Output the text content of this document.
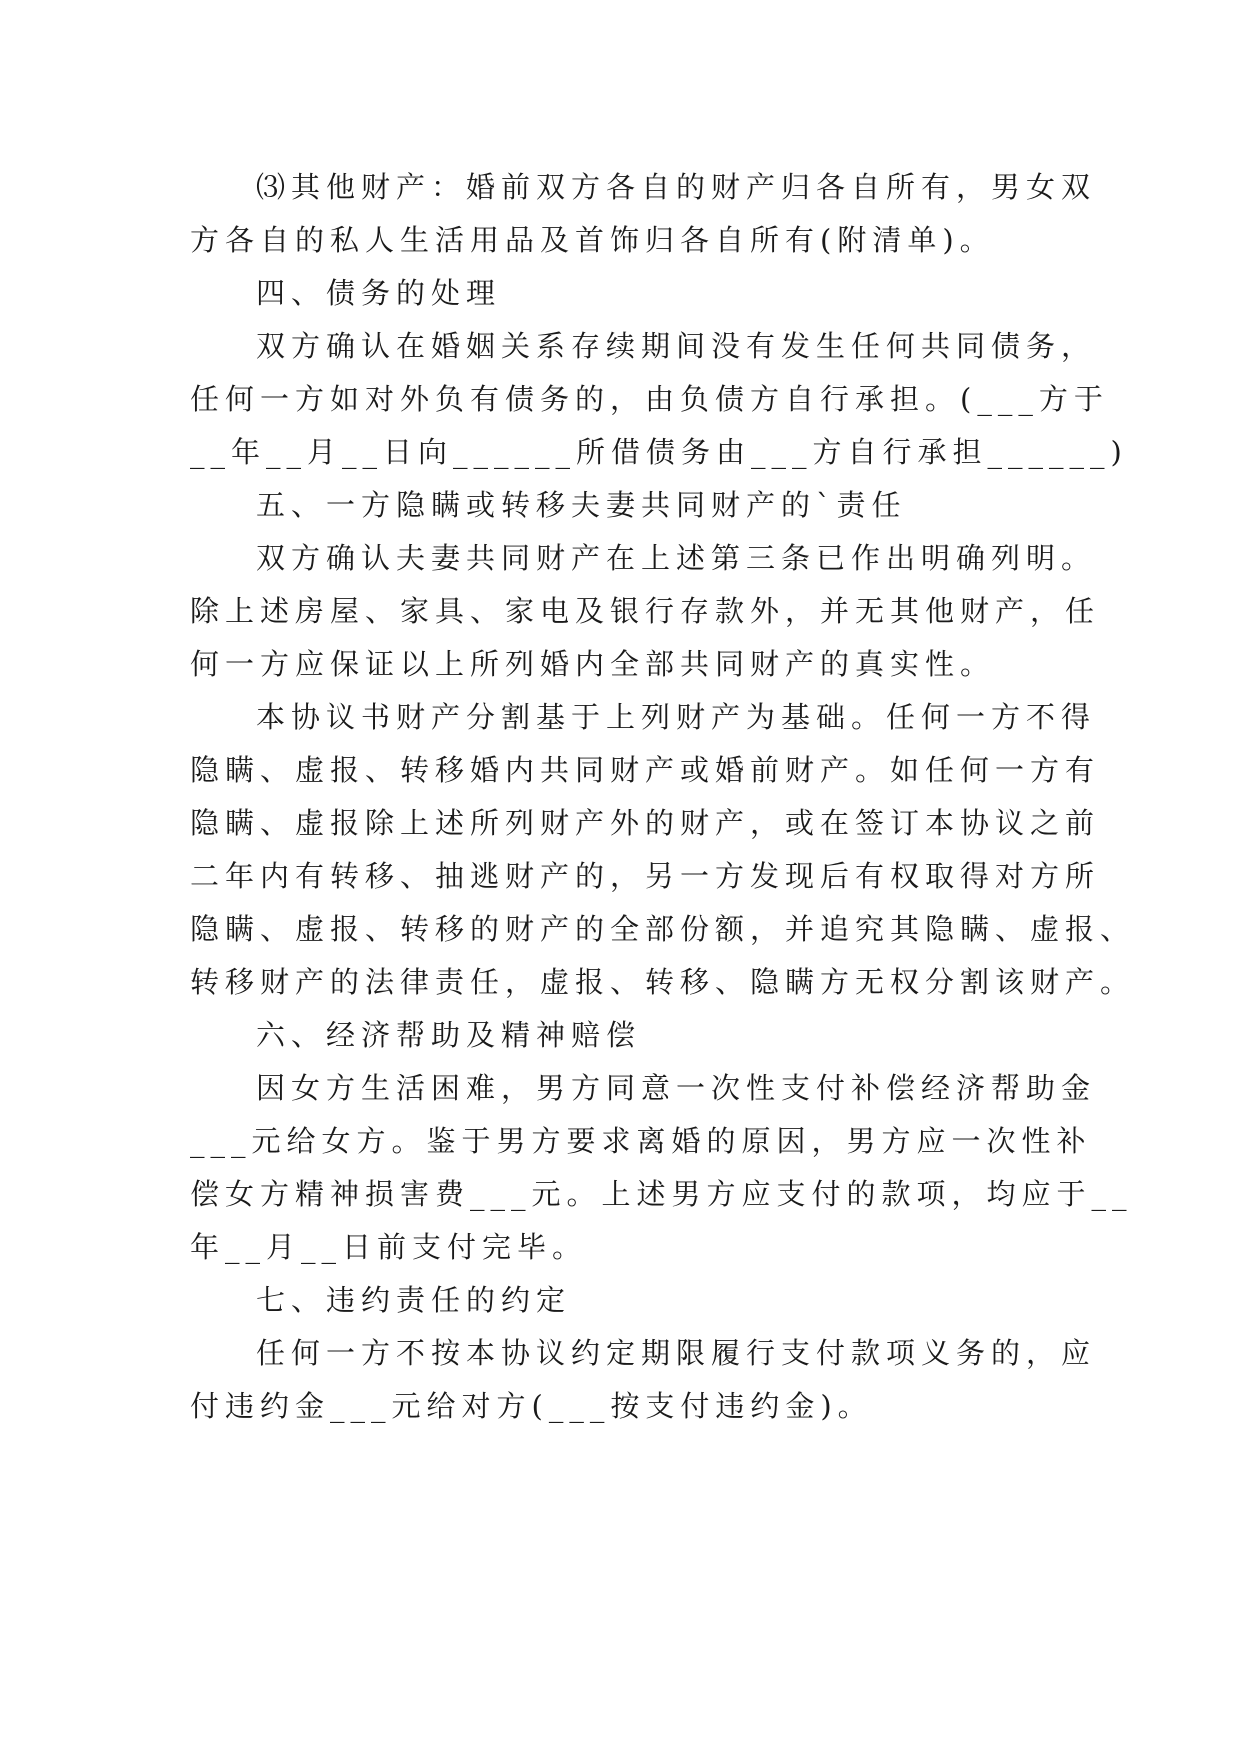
⑶其他财产：婚前双方各自的财产归各自所有，男女双
方各自的私人生活用品及首饰归各自所有(附清单)。
四、债务的处理
双方确认在婚姻关系存续期间没有发生任何共同债务，
任何一方如对外负有债务的，由负债方自行承担。(___方于
__年__月__日向______所借债务由___方自行承担______)
五、一方隐瞒或转移夫妻共同财产的`责任
双方确认夫妻共同财产在上述第三条已作出明确列明。
除上述房屋、家具、家电及银行存款外，并无其他财产，任
何一方应保证以上所列婚内全部共同财产的真实性。
本协议书财产分割基于上列财产为基础。任何一方不得
隐瞒、虚报、转移婚内共同财产或婚前财产。如任何一方有
隐瞒、虚报除上述所列财产外的财产，或在签订本协议之前
二年内有转移、抽逃财产的，另一方发现后有权取得对方所
隐瞒、虚报、转移的财产的全部份额，并追究其隐瞒、虚报、
转移财产的法律责任，虚报、转移、隐瞒方无权分割该财产。
六、经济帮助及精神赔偿
因女方生活困难，男方同意一次性支付补偿经济帮助金
___元给女方。鉴于男方要求离婚的原因，男方应一次性补
偿女方精神损害费___元。上述男方应支付的款项，均应于__
年__月__日前支付完毕。
七、违约责任的约定
任何一方不按本协议约定期限履行支付款项义务的，应
付违约金___元给对方(___按支付违约金)。
